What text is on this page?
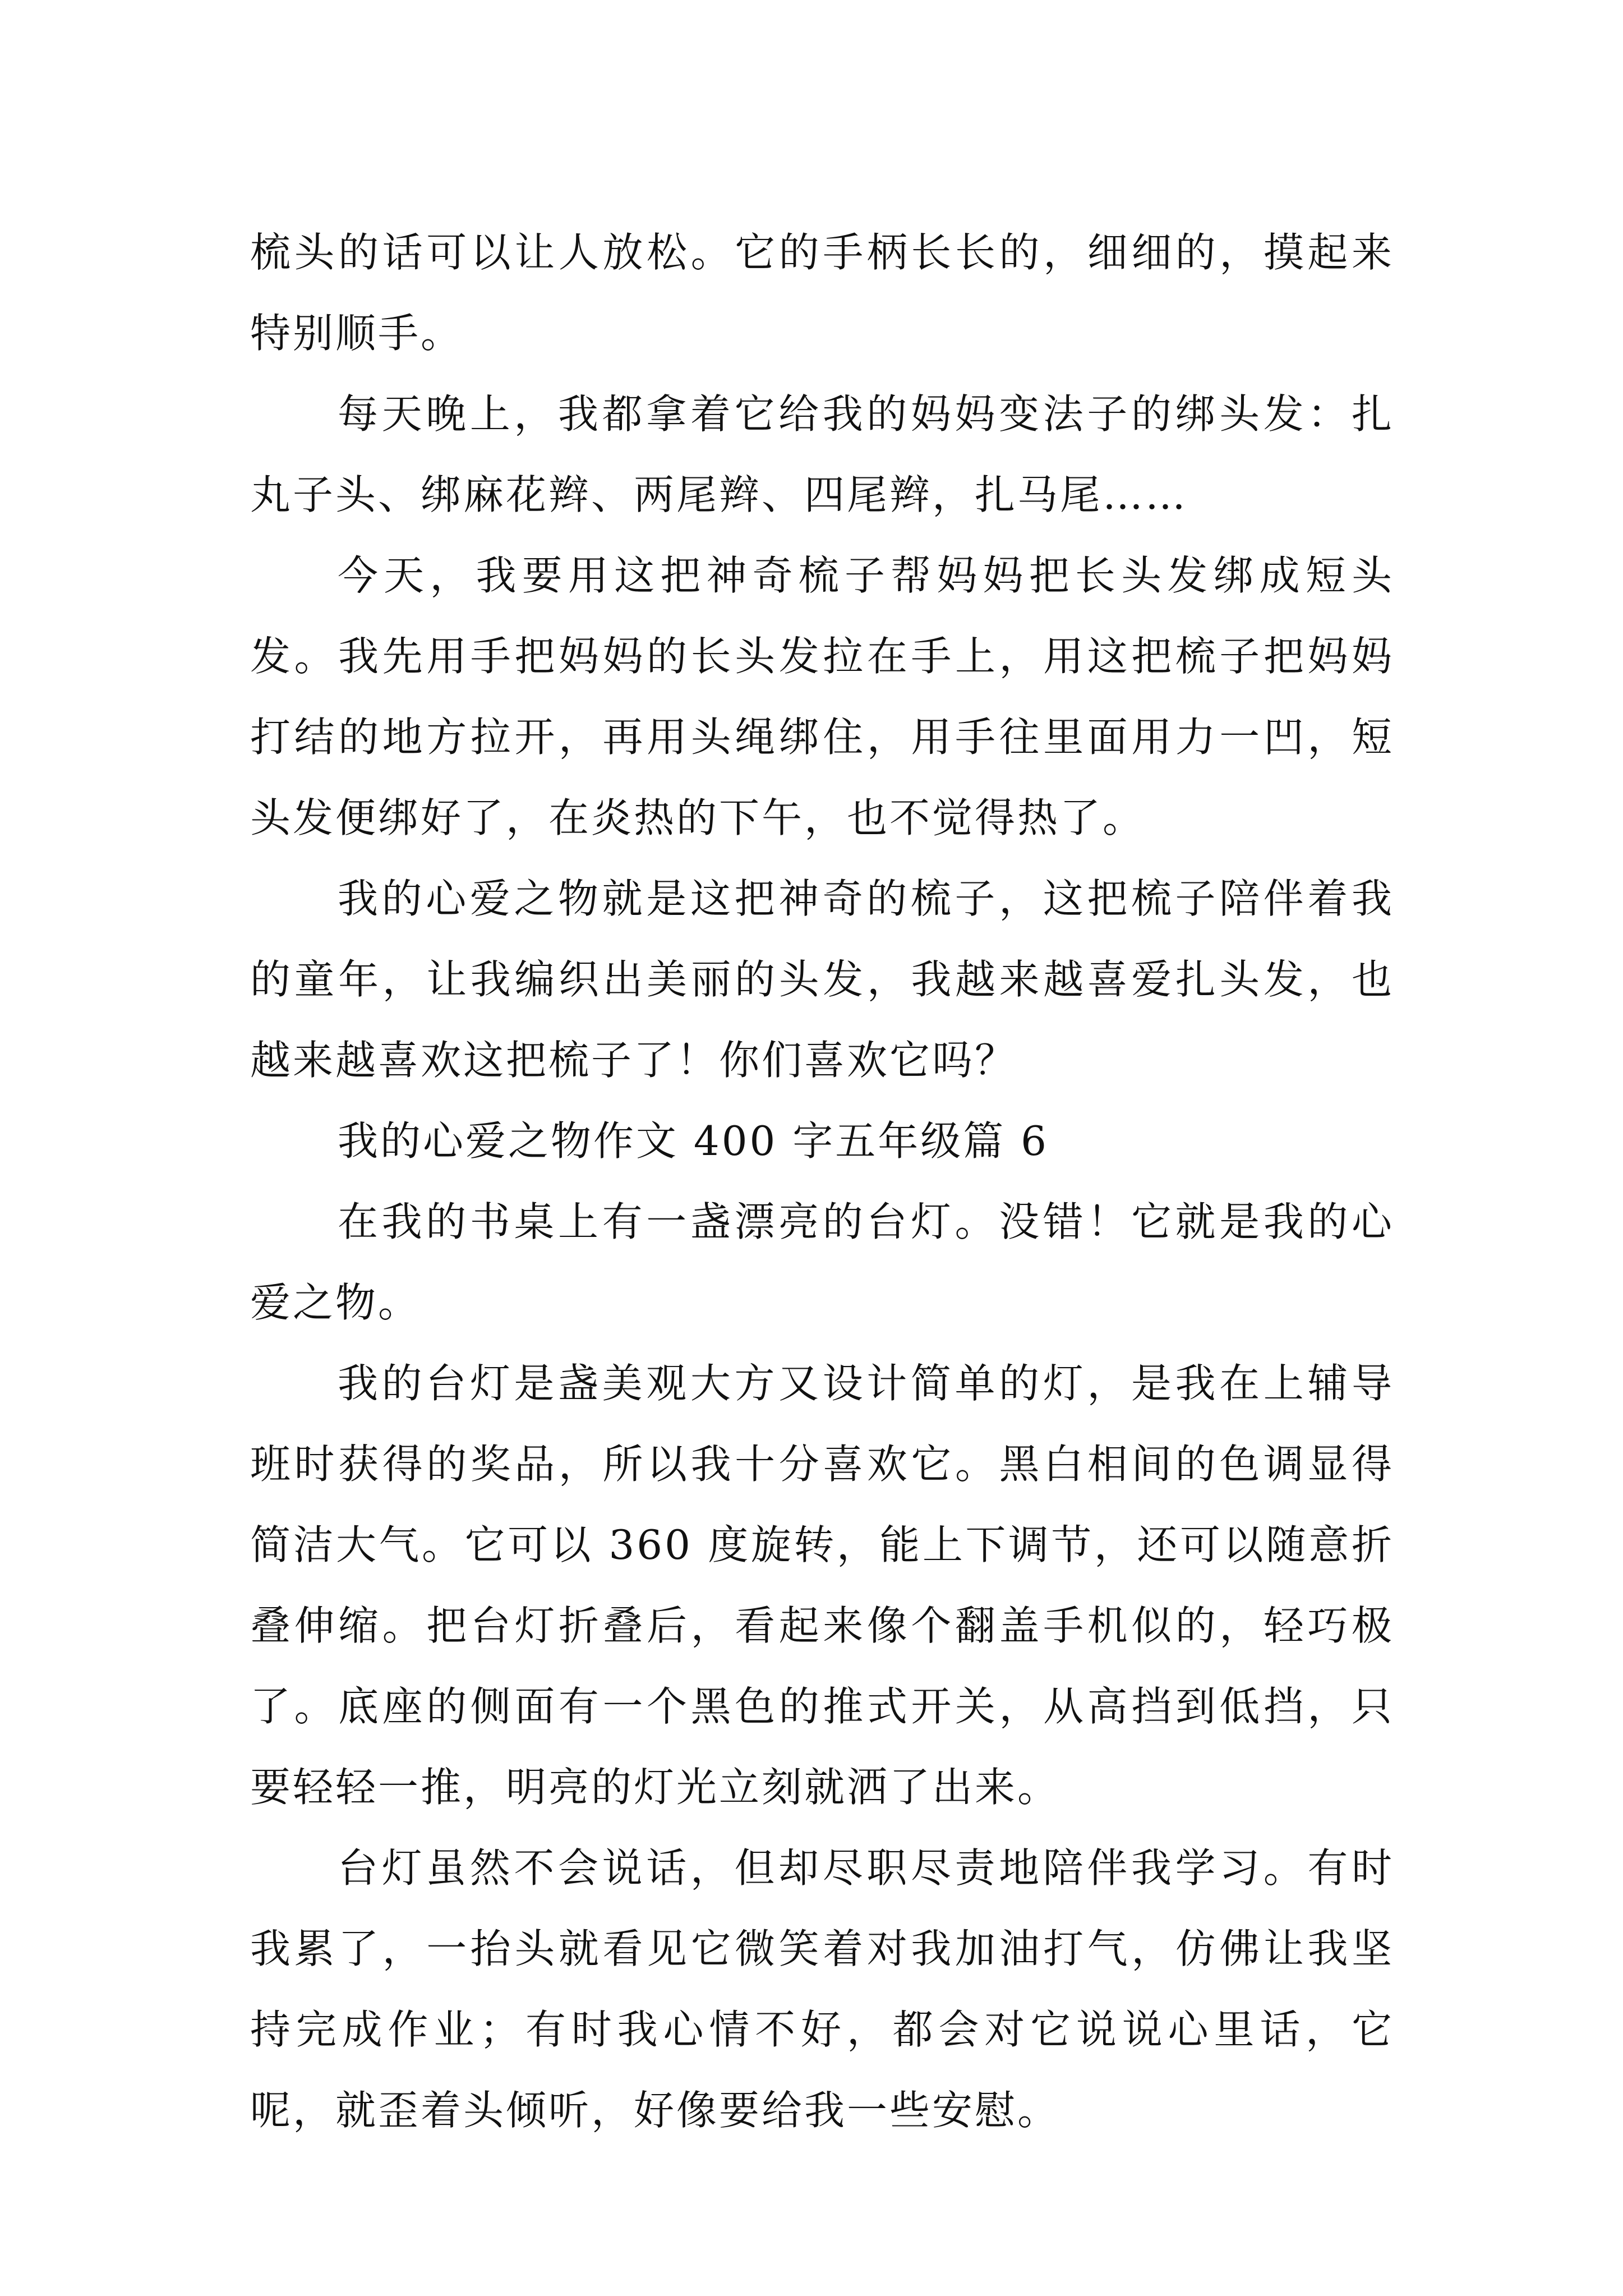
梳头的话可以让人放松。它的手柄长长的，细细的，摸起来特别顺手。

每天晚上，我都拿着它给我的妈妈变法子的绑头发：扎丸子头、绑麻花辫、两尾辫、四尾辫，扎马尾……

今天，我要用这把神奇梳子帮妈妈把长头发绑成短头发。我先用手把妈妈的长头发拉在手上，用这把梳子把妈妈打结的地方拉开，再用头绳绑住，用手往里面用力一凹，短头发便绑好了，在炎热的下午，也不觉得热了。

我的心爱之物就是这把神奇的梳子，这把梳子陪伴着我的童年，让我编织出美丽的头发，我越来越喜爱扎头发，也越来越喜欢这把梳子了！你们喜欢它吗？

我的心爱之物作文 400 字五年级篇 6

在我的书桌上有一盏漂亮的台灯。没错！它就是我的心爱之物。

我的台灯是盏美观大方又设计简单的灯，是我在上辅导班时获得的奖品，所以我十分喜欢它。黑白相间的色调显得简洁大气。它可以 360 度旋转，能上下调节，还可以随意折叠伸缩。把台灯折叠后，看起来像个翻盖手机似的，轻巧极了。底座的侧面有一个黑色的推式开关，从高挡到低挡，只要轻轻一推，明亮的灯光立刻就洒了出来。

台灯虽然不会说话，但却尽职尽责地陪伴我学习。有时我累了，一抬头就看见它微笑着对我加油打气，仿佛让我坚持完成作业；有时我心情不好，都会对它说说心里话，它呢，就歪着头倾听，好像要给我一些安慰。
